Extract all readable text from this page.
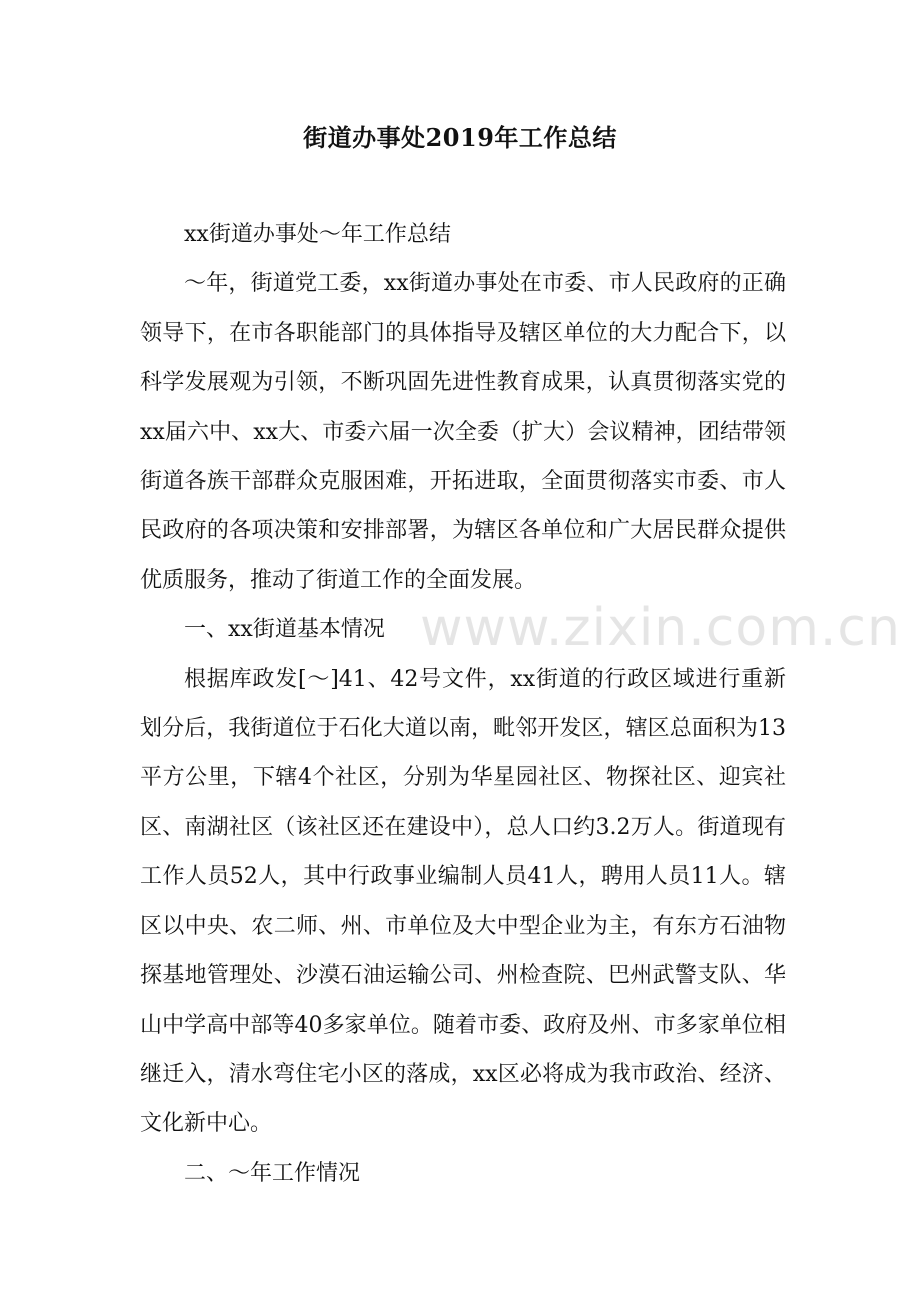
街道办事处2019年工作总结

xx街道办事处～年工作总结

～年，街道党工委，xx街道办事处在市委、市人民政府的正确领导下，在市各职能部门的具体指导及辖区单位的大力配合下，以科学发展观为引领，不断巩固先进性教育成果，认真贯彻落实党的xx届六中、xx大、市委六届一次全委（扩大）会议精神，团结带领街道各族干部群众克服困难，开拓进取，全面贯彻落实市委、市人民政府的各项决策和安排部署，为辖区各单位和广大居民群众提供优质服务，推动了街道工作的全面发展。

一、xx街道基本情况

根据库政发[～]41、42号文件，xx街道的行政区域进行重新划分后，我街道位于石化大道以南，毗邻开发区，辖区总面积为13平方公里，下辖4个社区，分别为华星园社区、物探社区、迎宾社区、南湖社区（该社区还在建设中），总人口约3.2万人。街道现有工作人员52人，其中行政事业编制人员41人，聘用人员11人。辖区以中央、农二师、州、市单位及大中型企业为主，有东方石油物探基地管理处、沙漠石油运输公司、州检查院、巴州武警支队、华山中学高中部等40多家单位。随着市委、政府及州、市多家单位相继迁入，清水弯住宅小区的落成，xx区必将成为我市政治、经济、文化新中心。

二、～年工作情况

www.zixin.com.cn
